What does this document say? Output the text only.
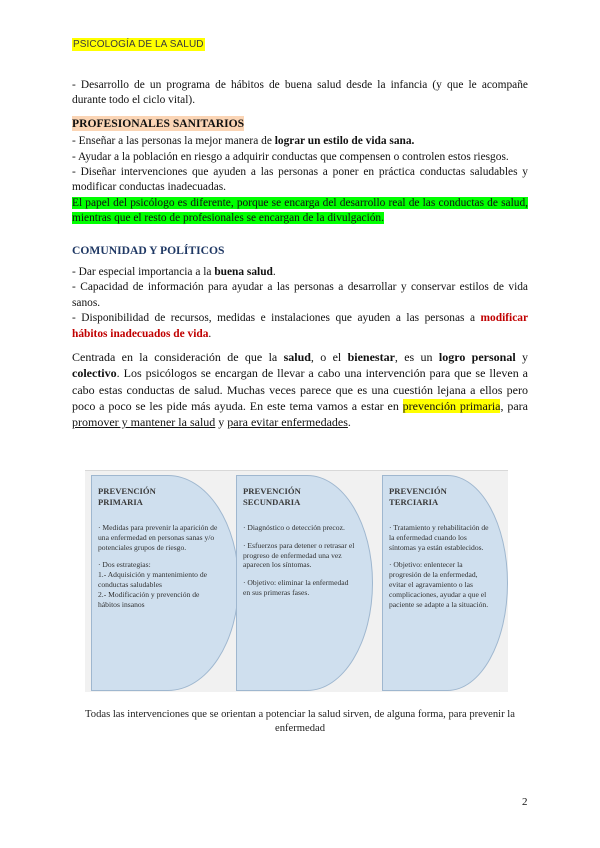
PSICOLOGÍA DE LA SALUD

- Desarrollo de un programa de hábitos de buena salud desde la infancia (y que le acompañe durante todo el ciclo vital).

PROFESIONALES SANITARIOS

- Enseñar a las personas la mejor manera de lograr un estilo de vida sana.

- Ayudar a la población en riesgo a adquirir conductas que compensen o controlen estos riesgos.

- Diseñar intervenciones que ayuden a las personas a poner en práctica conductas saludables y modificar conductas inadecuadas.

El papel del psicólogo es diferente, porque se encarga del desarrollo real de las conductas de salud, mientras que el resto de profesionales se encargan de la divulgación.

COMUNIDAD Y POLÍTICOS

- Dar especial importancia a la buena salud.

- Capacidad de información para ayudar a las personas a desarrollar y conservar estilos de vida sanos.

- Disponibilidad de recursos, medidas e instalaciones que ayuden a las personas a modificar hábitos inadecuados de vida.

Centrada en la consideración de que la salud, o el bienestar, es un logro personal y colectivo. Los psicólogos se encargan de llevar a cabo una intervención para que se lleven a cabo estas conductas de salud. Muchas veces parece que es una cuestión lejana a ellos pero poco a poco se les pide más ayuda. En este tema vamos a estar en prevención primaria, para promover y mantener la salud y para evitar enfermedades.

PREVENCIÓN
PRIMARIA

· Medidas para prevenir la aparición de una enfermedad en personas sanas y/o potenciales grupos de riesgo.

· Dos estrategias:

1.- Adquisición y mantenimiento de conductas saludables

2.- Modificación y prevención de hábitos insanos

PREVENCIÓN
SECUNDARIA

· Diagnóstico o detección precoz.

· Esfuerzos para detener o retrasar el progreso de enfermedad una vez aparecen los síntomas.

· Objetivo: eliminar la enfermedad en sus primeras fases.

PREVENCIÓN
TERCIARIA

· Tratamiento y rehabilitación de la enfermedad cuando los síntomas ya están establecidos.

· Objetivo: enlentecer la progresión de la enfermedad, evitar el agravamiento o las complicaciones, ayudar a que el paciente se adapte a la situación.

Todas las intervenciones que se orientan a potenciar la salud sirven, de alguna forma, para prevenir la enfermedad
2
